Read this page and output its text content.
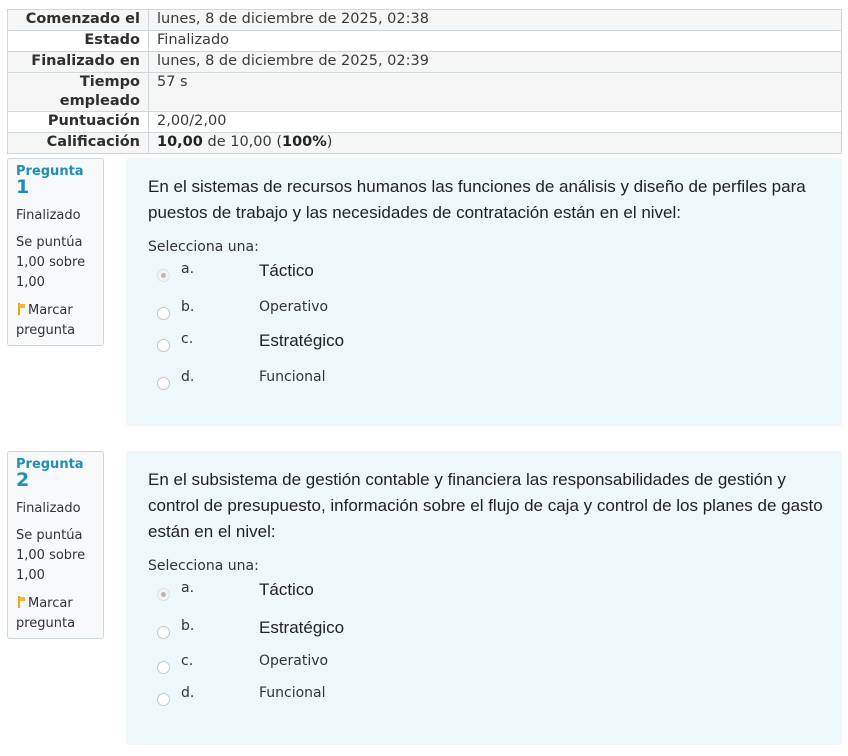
Comenzado el	lunes, 8 de diciembre de 2025, 02:38
Estado	Finalizado
Finalizado en	lunes, 8 de diciembre de 2025, 02:39
Tiempo empleado	57 s
Puntuación	2,00/2,00
Calificación	10,00 de 10,00 (100%)
Pregunta
1
Finalizado
Se puntúa 1,00 sobre 1,00
Marcar pregunta
En el sistemas de recursos humanos las funciones de análisis y diseño de perfiles para puestos de trabajo y las necesidades de contratación están en el nivel:
Selecciona una:
a.	Táctico
b.	Operativo
c.	Estratégico
d.	Funcional
Pregunta
2
Finalizado
Se puntúa 1,00 sobre 1,00
Marcar pregunta
En el subsistema de gestión contable y financiera las responsabilidades de gestión y control de presupuesto, información sobre el flujo de caja y control de los planes de gasto están en el nivel:
Selecciona una:
a.	Táctico
b.	Estratégico
c.	Operativo
d.	Funcional
